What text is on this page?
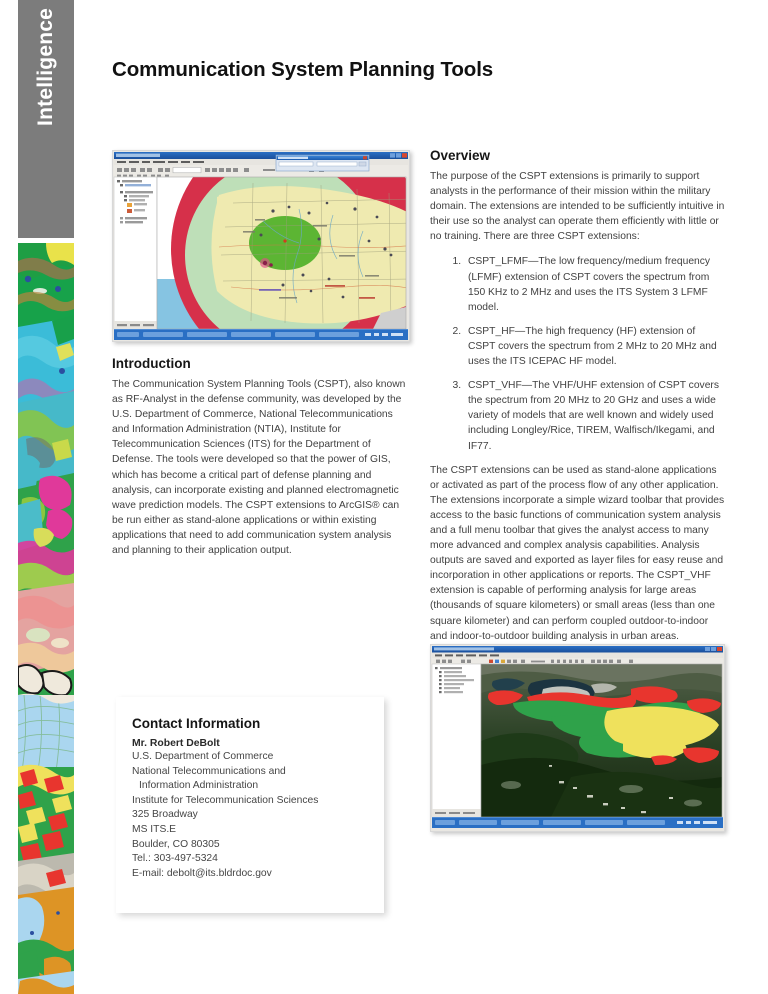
Intelligence	Communication System Planning Tools
Introduction

The Communication System Planning Tools (CSPT), also known as RF-Analyst in the defense community, was developed by the U.S. Department of Commerce, National Telecommunications and Information Administration (NTIA), Institute for Telecommunication Sciences (ITS) for the Department of Defense. The tools were developed so that the power of GIS, which has become a critical part of defense planning and analysis, can incorporate existing and planned electromagnetic wave prediction models. The CSPT extensions to ArcGIS® can be run either as stand-alone applications or within existing applications that need to add communication system analysis and planning to their application output.

Overview

The purpose of the CSPT extensions is primarily to support analysts in the performance of their mission within the military domain. The extensions are intended to be sufficiently intuitive in their use so the analyst can operate them efficiently with little or no training. There are three CSPT extensions:

1. CSPT_LFMF—The low frequency/medium frequency (LFMF) extension of CSPT covers the spectrum from 150 KHz to 2 MHz and uses the ITS System 3 LFMF model.
2. CSPT_HF—The high frequency (HF) extension of CSPT covers the spectrum from 2 MHz to 20 MHz and uses the ITS ICEPAC HF model.
3. CSPT_VHF—The VHF/UHF extension of CSPT covers the spectrum from 20 MHz to 20 GHz and uses a wide variety of models that are well known and widely used including Longley/Rice, TIREM, Walfisch/Ikegami, and IF77.

The CSPT extensions can be used as stand-alone applications or activated as part of the process flow of any other application. The extensions incorporate a simple wizard toolbar that provides access to the basic functions of communication system analysis and a full menu toolbar that gives the analyst access to many more advanced and complex analysis capabilities. Analysis outputs are saved and exported as layer files for easy reuse and incorporation in other applications or reports. The CSPT_VHF extension is capable of performing analysis for large areas (thousands of square kilometers) or small areas (less than one square kilometer) and can perform coupled outdoor-to-indoor and indoor-to-outdoor building analysis in urban areas.

Contact Information
Mr. Robert DeBolt
U.S. Department of Commerce
National Telecommunications and
Information Administration
Institute for Telecommunication Sciences
325 Broadway
MS ITS.E
Boulder, CO 80305
Tel.: 303-497-5324
E-mail: debolt@its.bldrdoc.gov
